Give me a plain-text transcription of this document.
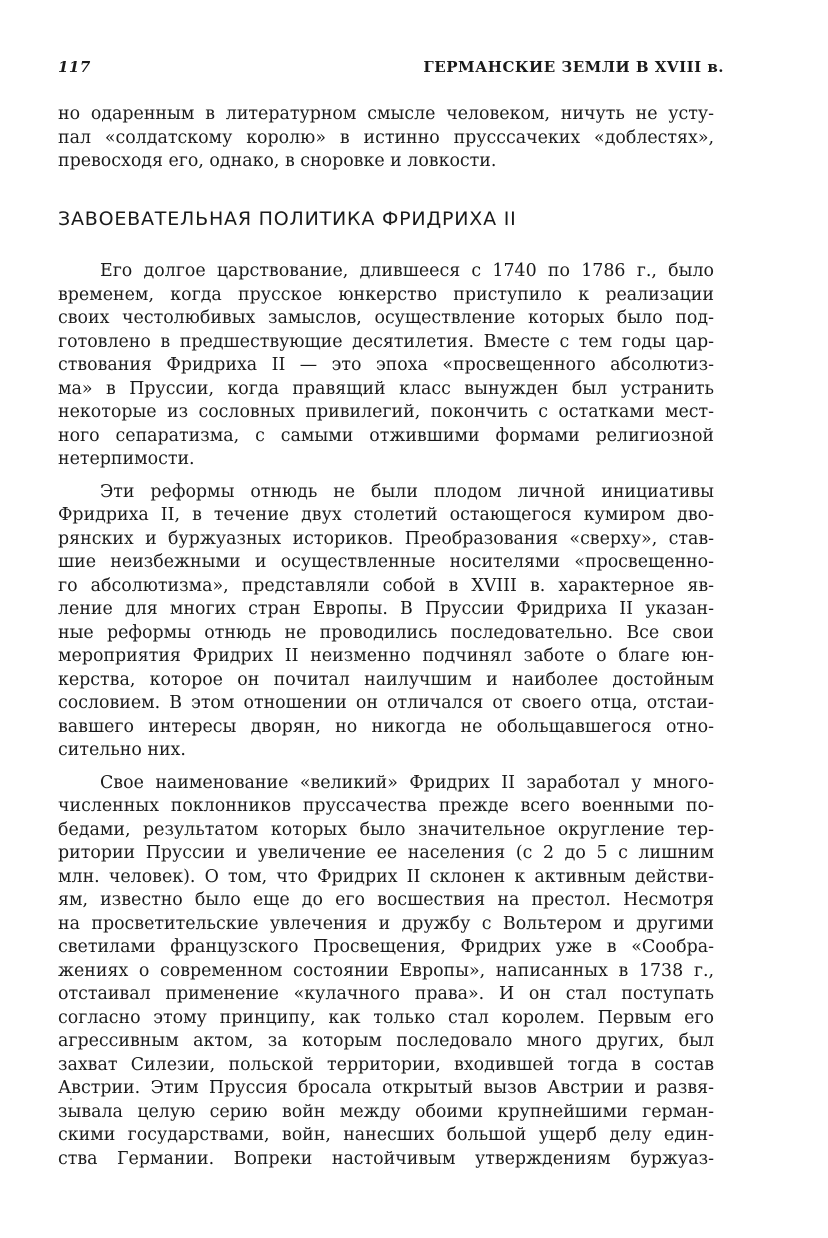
117	ГЕРМАНСКИЕ ЗЕМЛИ В XVIII в.
но одаренным в литературном смысле человеком, ничуть не усту-
пал «солдатскому королю» в истинно прусссачеких «доблестях»,
превосходя его, однако, в сноровке и ловкости.
ЗАВОЕВАТЕЛЬНАЯ ПОЛИТИКА ФРИДРИХА II
Его долгое царствование, длившееся с 1740 по 1786 г., было
временем, когда прусское юнкерство приступило к реализации
своих честолюбивых замыслов, осуществление которых было под-
готовлено в предшествующие десятилетия. Вместе с тем годы цар-
ствования Фридриха II — это эпоха «просвещенного абсолютиз-
ма» в Пруссии, когда правящий класс вынужден был устранить
некоторые из сословных привилегий, покончить с остатками мест-
ного сепаратизма, с самыми отжившими формами религиозной
нетерпимости.
Эти реформы отнюдь не были плодом личной инициативы
Фридриха II, в течение двух столетий остающегося кумиром дво-
рянских и буржуазных историков. Преобразования «сверху», став-
шие неизбежными и осуществленные носителями «просвещенно-
го абсолютизма», представляли собой в XVIII в. характерное яв-
ление для многих стран Европы. В Пруссии Фридриха II указан-
ные реформы отнюдь не проводились последовательно. Все свои
мероприятия Фридрих II неизменно подчинял заботе о благе юн-
керства, которое он почитал наилучшим и наиболее достойным
сословием. В этом отношении он отличался от своего отца, отстаи-
вавшего интересы дворян, но никогда не обольщавшегося отно-
сительно них.
Свое наименование «великий» Фридрих II заработал у много-
численных поклонников пруссачества прежде всего военными по-
бедами, результатом которых было значительное округление тер-
ритории Пруссии и увеличение ее населения (с 2 до 5 с лишним
млн. человек). О том, что Фридрих II склонен к активным действи-
ям, известно было еще до его восшествия на престол. Несмотря
на просветительские увлечения и дружбу с Вольтером и другими
светилами французского Просвещения, Фридрих уже в «Сообра-
жениях о современном состоянии Европы», написанных в 1738 г.,
отстаивал применение «кулачного права». И он стал поступать
согласно этому принципу, как только стал королем. Первым его
агрессивным актом, за которым последовало много других, был
захват Силезии, польской территории, входившей тогда в состав
Австрии. Этим Пруссия бросала открытый вызов Австрии и развя-
зывала целую серию войн между обоими крупнейшими герман-
скими государствами, войн, нанесших большой ущерб делу един-
ства Германии. Вопреки настойчивым утверждениям буржуаз-
